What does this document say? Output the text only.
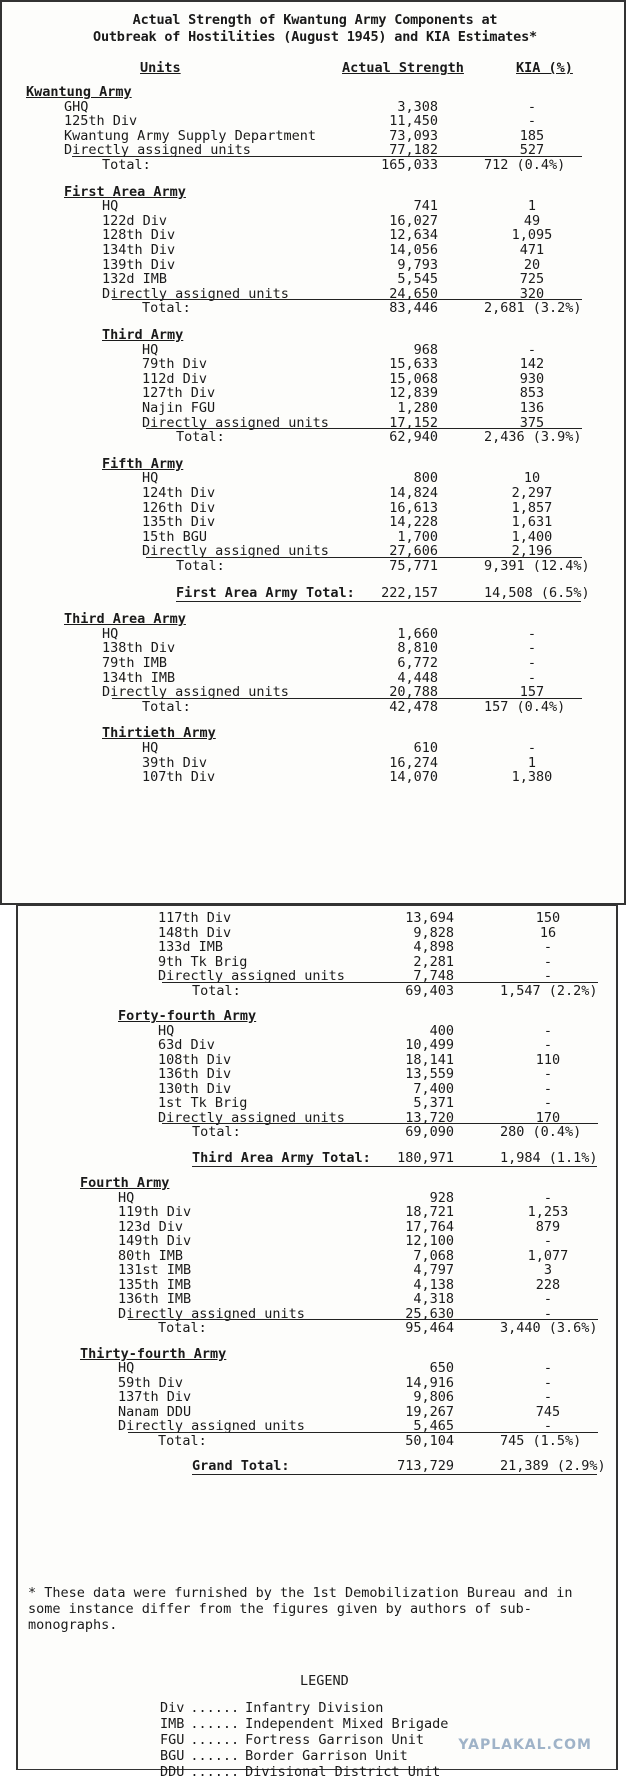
Actual Strength of Kwantung Army Components at
Outbreak of Hostilities (August 1945) and KIA Estimates*
Units	Actual Strength	KIA (%)
Kwantung Army
GHQ	3,308	-
125th Div	11,450	-
Kwantung Army Supply Department	73,093	185
Directly assigned units	77,182	527
Total:	165,033	712 (0.4%)
First Area Army
HQ	741	1
122d Div	16,027	49
128th Div	12,634	1,095
134th Div	14,056	471
139th Div	9,793	20
132d IMB	5,545	725
Directly assigned units	24,650	320
Total:	83,446	2,681 (3.2%)
Third Army
HQ	968	-
79th Div	15,633	142
112d Div	15,068	930
127th Div	12,839	853
Najin FGU	1,280	136
Directly assigned units	17,152	375
Total:	62,940	2,436 (3.9%)
Fifth Army
HQ	800	10
124th Div	14,824	2,297
126th Div	16,613	1,857
135th Div	14,228	1,631
15th BGU	1,700	1,400
Directly assigned units	27,606	2,196
Total:	75,771	9,391 (12.4%)
First Area Army Total:	222,157	14,508 (6.5%)
Third Area Army
HQ	1,660	-
138th Div	8,810	-
79th IMB	6,772	-
134th IMB	4,448	-
Directly assigned units	20,788	157
Total:	42,478	157 (0.4%)
Thirtieth Army
HQ	610	-
39th Div	16,274	1
107th Div	14,070	1,380
117th Div	13,694	150
148th Div	9,828	16
133d IMB	4,898	-
9th Tk Brig	2,281	-
Directly assigned units	7,748	-
Total:	69,403	1,547 (2.2%)
Forty-fourth Army
HQ	400	-
63d Div	10,499	-
108th Div	18,141	110
136th Div	13,559	-
130th Div	7,400	-
1st Tk Brig	5,371	-
Directly assigned units	13,720	170
Total:	69,090	280 (0.4%)
Third Area Army Total:	180,971	1,984 (1.1%)
Fourth Army
HQ	928	-
119th Div	18,721	1,253
123d Div	17,764	879
149th Div	12,100	-
80th IMB	7,068	1,077
131st IMB	4,797	3
135th IMB	4,138	228
136th IMB	4,318	-
Directly assigned units	25,630	-
Total:	95,464	3,440 (3.6%)
Thirty-fourth Army
HQ	650	-
59th Div	14,916	-
137th Div	9,806	-
Nanam DDU	19,267	745
Directly assigned units	5,465	-
Total:	50,104	745 (1.5%)
Grand Total:	713,729	21,389 (2.9%)
* These data were furnished by the 1st Demobilization Bureau and in some instance differ from the figures given by authors of sub-monographs.
LEGEND
Div ...... Infantry Division
IMB ...... Independent Mixed Brigade
FGU ...... Fortress Garrison Unit
BGU ...... Border Garrison Unit
DDU ...... Divisional District Unit
YAPLAKAL.COM
